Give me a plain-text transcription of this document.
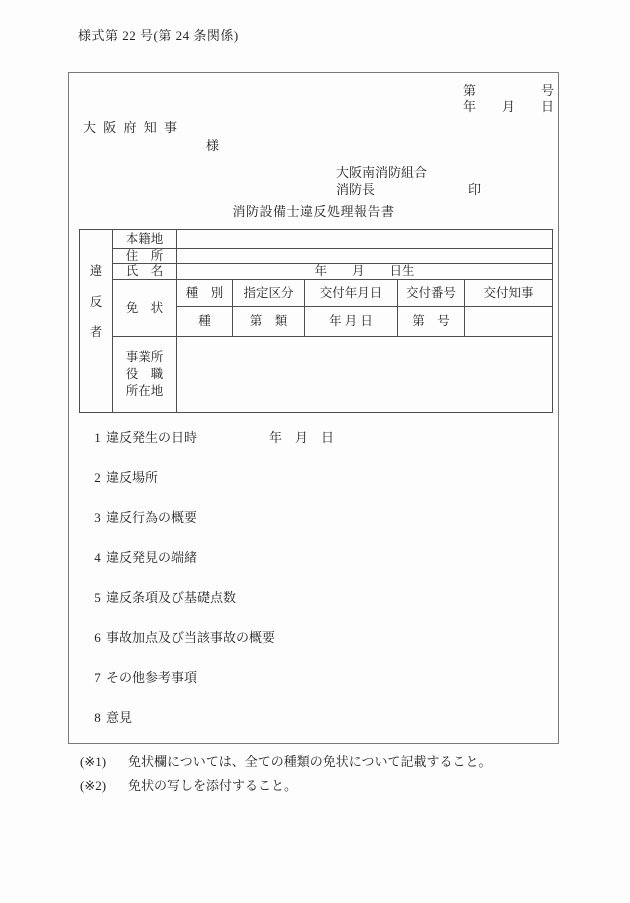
様式第 22 号(第 24 条関係)
第　　　　　号
年　　月　　日
大 阪 府 知 事
様
大阪南消防組合
消防長	印
消防設備士違反処理報告書
違
反
者	本籍地					
	住　所					
	氏　名	年　　月　　日生				
	免　状	種　別	指定区分	交付年月日	交付番号	交付知事
		種	第　類	年 月 日	第　号	

	事業所
役　職
所在地					

1 違反発生の日時	年　月　日
2 違反場所
3 違反行為の概要
4 違反発見の端緒
5 違反条項及び基礎点数
6 事故加点及び当該事故の概要
7 その他参考事項
8 意見
(※1)	免状欄については、全ての種類の免状について記載すること。
(※2)	免状の写しを添付すること。
